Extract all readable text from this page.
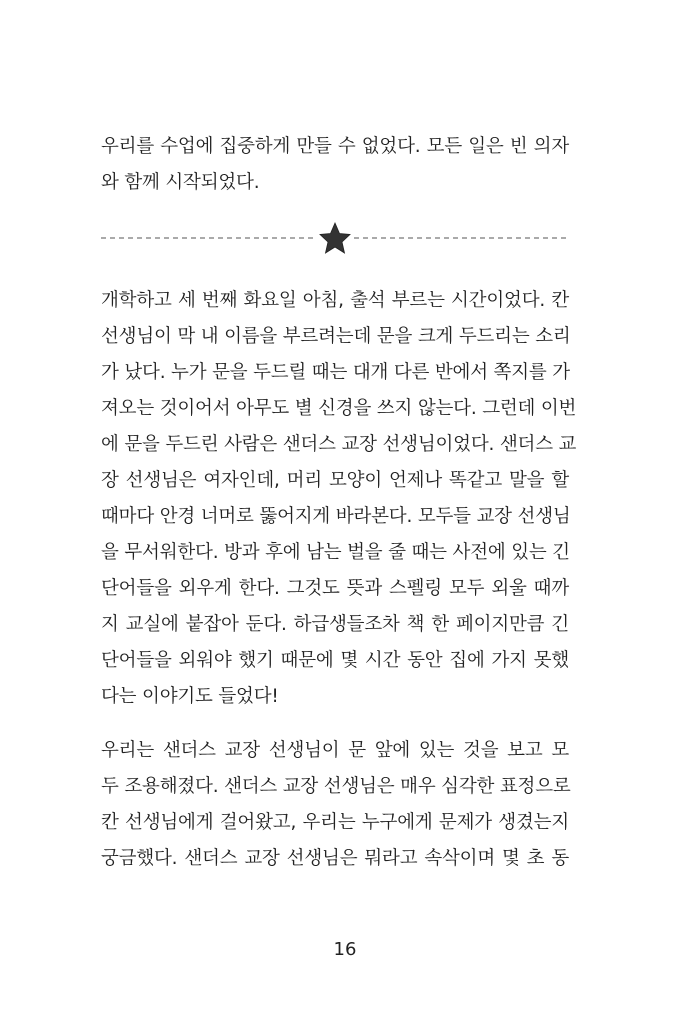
우리를 수업에 집중하게 만들 수 없었다. 모든 일은 빈 의자
와 함께 시작되었다.
개학하고 세 번째 화요일 아침, 출석 부르는 시간이었다. 칸
선생님이 막 내 이름을 부르려는데 문을 크게 두드리는 소리
가 났다. 누가 문을 두드릴 때는 대개 다른 반에서 쪽지를 가
져오는 것이어서 아무도 별 신경을 쓰지 않는다. 그런데 이번
에 문을 두드린 사람은 샌더스 교장 선생님이었다. 샌더스 교
장 선생님은 여자인데, 머리 모양이 언제나 똑같고 말을 할
때마다 안경 너머로 뚫어지게 바라본다. 모두들 교장 선생님
을 무서워한다. 방과 후에 남는 벌을 줄 때는 사전에 있는 긴
단어들을 외우게 한다. 그것도 뜻과 스펠링 모두 외울 때까
지 교실에 붙잡아 둔다. 하급생들조차 책 한 페이지만큼 긴
단어들을 외워야 했기 때문에 몇 시간 동안 집에 가지 못했
다는 이야기도 들었다!
우리는 샌더스 교장 선생님이 문 앞에 있는 것을 보고 모
두 조용해졌다. 샌더스 교장 선생님은 매우 심각한 표정으로
칸 선생님에게 걸어왔고, 우리는 누구에게 문제가 생겼는지
궁금했다. 샌더스 교장 선생님은 뭐라고 속삭이며 몇 초 동
16
